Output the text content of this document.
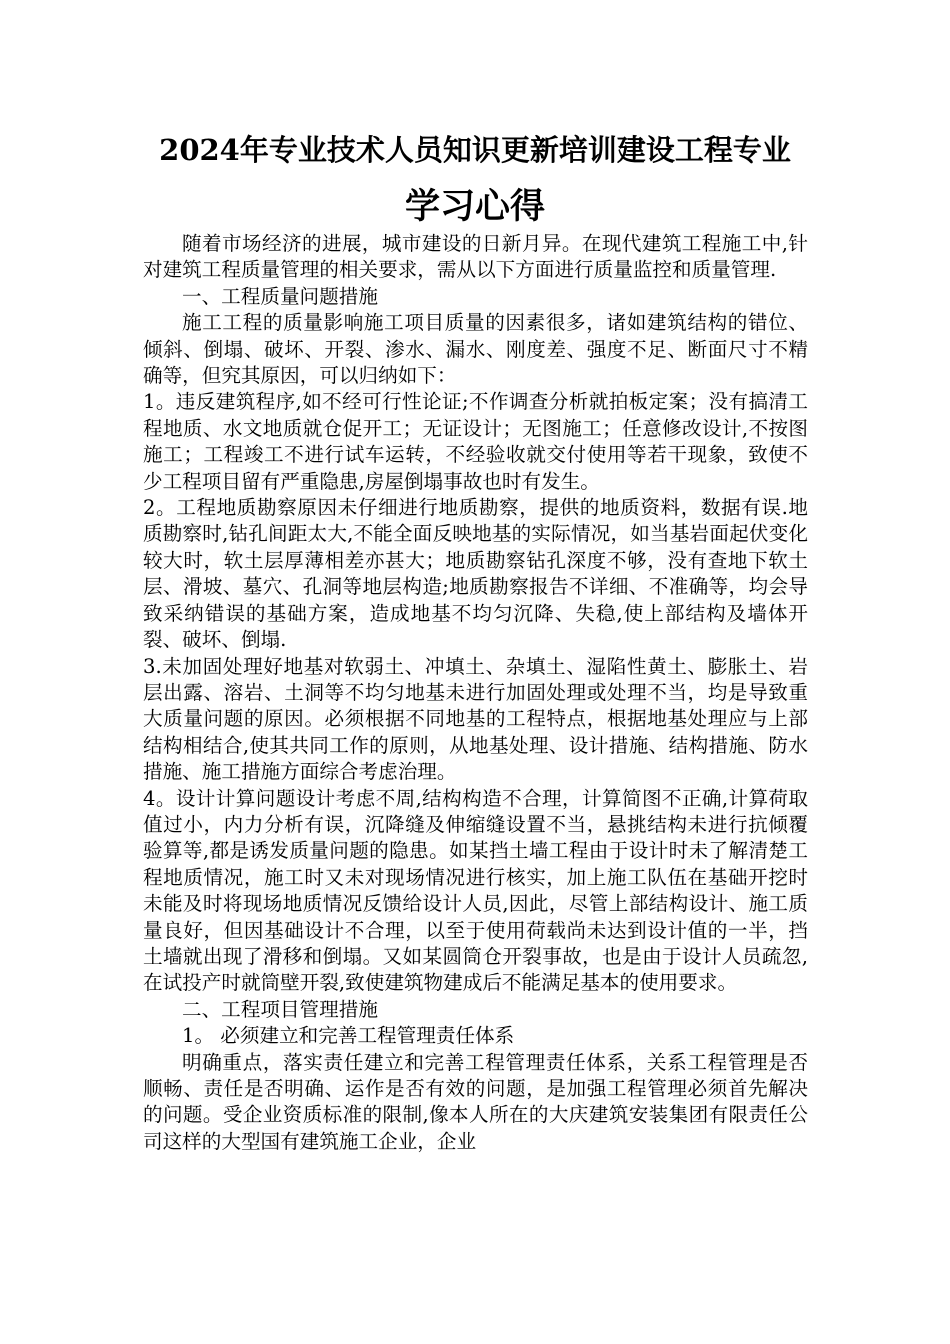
2024年专业技术人员知识更新培训建设工程专业
学习心得

随着市场经济的进展，城市建设的日新月异。在现代建筑工程施工中,针对建筑工程质量管理的相关要求，需从以下方面进行质量监控和质量管理.

一、工程质量问题措施

施工工程的质量影响施工项目质量的因素很多，诸如建筑结构的错位、倾斜、倒塌、破坏、开裂、渗水、漏水、刚度差、强度不足、断面尺寸不精确等，但究其原因，可以归纳如下：

1。违反建筑程序,如不经可行性论证;不作调查分析就拍板定案；没有搞清工程地质、水文地质就仓促开工；无证设计；无图施工；任意修改设计,不按图施工；工程竣工不进行试车运转，不经验收就交付使用等若干现象，致使不少工程项目留有严重隐患,房屋倒塌事故也时有发生。

2。工程地质勘察原因未仔细进行地质勘察，提供的地质资料，数据有误.地质勘察时,钻孔间距太大,不能全面反映地基的实际情况，如当基岩面起伏变化较大时，软土层厚薄相差亦甚大；地质勘察钻孔深度不够，没有查地下软土层、滑坡、墓穴、孔洞等地层构造;地质勘察报告不详细、不准确等，均会导致采纳错误的基础方案，造成地基不均匀沉降、失稳,使上部结构及墙体开裂、破坏、倒塌.

3.未加固处理好地基对软弱土、冲填土、杂填土、湿陷性黄土、膨胀土、岩层出露、溶岩、土洞等不均匀地基未进行加固处理或处理不当，均是导致重大质量问题的原因。必须根据不同地基的工程特点，根据地基处理应与上部结构相结合,使其共同工作的原则，从地基处理、设计措施、结构措施、防水措施、施工措施方面综合考虑治理。

4。设计计算问题设计考虑不周,结构构造不合理，计算简图不正确,计算荷取值过小，内力分析有误，沉降缝及伸缩缝设置不当，悬挑结构未进行抗倾覆验算等,都是诱发质量问题的隐患。如某挡土墙工程由于设计时未了解清楚工程地质情况，施工时又未对现场情况进行核实，加上施工队伍在基础开挖时未能及时将现场地质情况反馈给设计人员,因此，尽管上部结构设计、施工质量良好，但因基础设计不合理，以至于使用荷载尚未达到设计值的一半，挡土墙就出现了滑移和倒塌。又如某圆筒仓开裂事故，也是由于设计人员疏忽,在试投产时就筒壁开裂,致使建筑物建成后不能满足基本的使用要求。

二、工程项目管理措施

1。 必须建立和完善工程管理责任体系

明确重点，落实责任建立和完善工程管理责任体系，关系工程管理是否顺畅、责任是否明确、运作是否有效的问题，是加强工程管理必须首先解决的问题。受企业资质标准的限制,像本人所在的大庆建筑安装集团有限责任公司这样的大型国有建筑施工企业，企业
